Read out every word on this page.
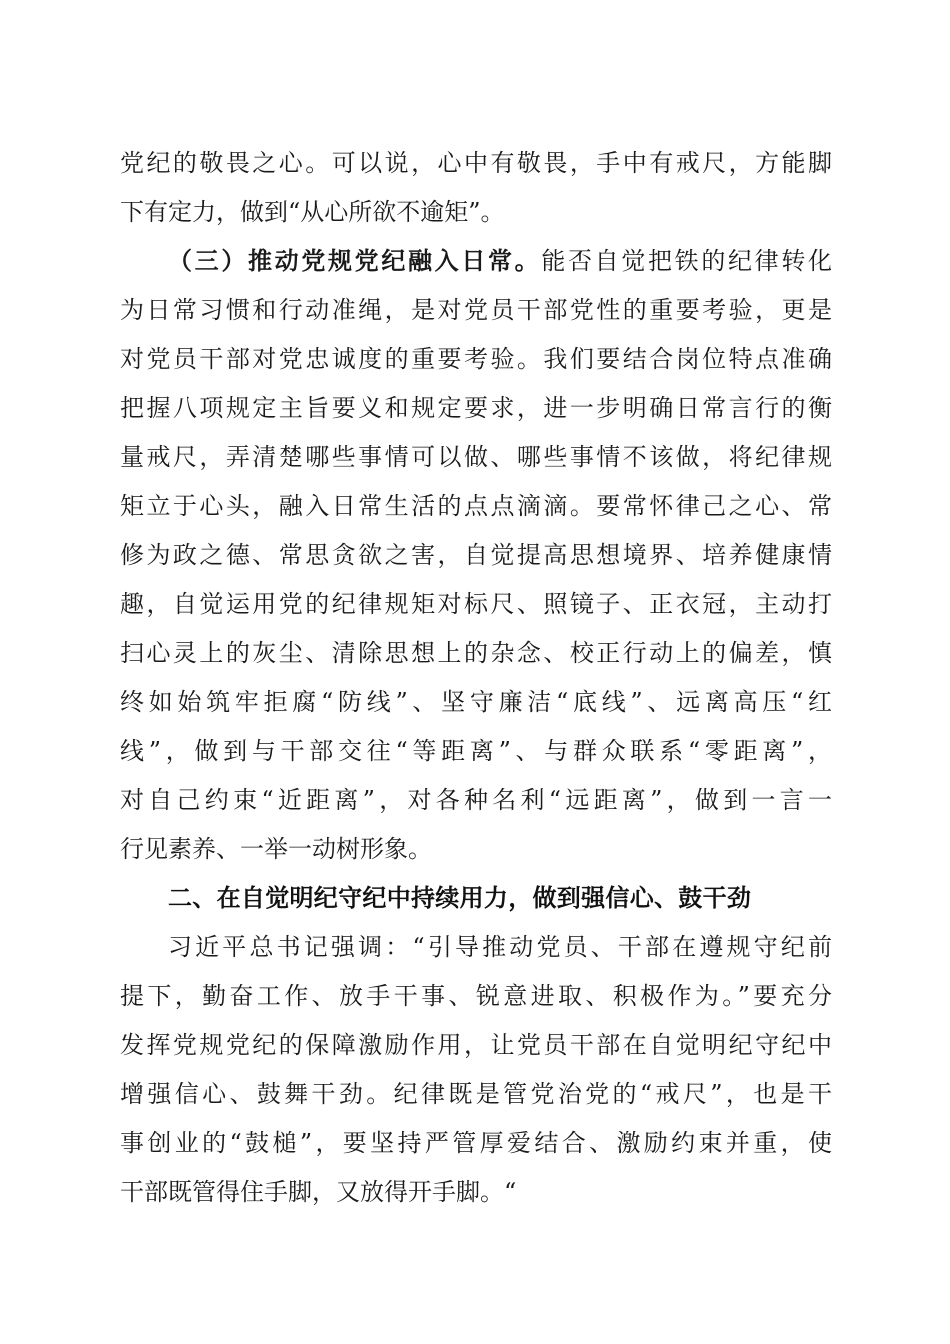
党纪的敬畏之心。可以说，心中有敬畏，手中有戒尺，方能脚
下有定力，做到“从心所欲不逾矩”。
（三）推动党规党纪融入日常。能否自觉把铁的纪律转化
为日常习惯和行动准绳，是对党员干部党性的重要考验，更是
对党员干部对党忠诚度的重要考验。我们要结合岗位特点准确
把握八项规定主旨要义和规定要求，进一步明确日常言行的衡
量戒尺，弄清楚哪些事情可以做、哪些事情不该做，将纪律规
矩立于心头，融入日常生活的点点滴滴。要常怀律己之心、常
修为政之德、常思贪欲之害，自觉提高思想境界、培养健康情
趣，自觉运用党的纪律规矩对标尺、照镜子、正衣冠，主动打
扫心灵上的灰尘、清除思想上的杂念、校正行动上的偏差，慎
终如始筑牢拒腐“防线”、坚守廉洁“底线”、远离高压“红
线”，做到与干部交往“等距离”、与群众联系“零距离”，
对自己约束“近距离”，对各种名利“远距离”，做到一言一
行见素养、一举一动树形象。
二、在自觉明纪守纪中持续用力，做到强信心、鼓干劲
习近平总书记强调：“引导推动党员、干部在遵规守纪前
提下，勤奋工作、放手干事、锐意进取、积极作为。”要充分
发挥党规党纪的保障激励作用，让党员干部在自觉明纪守纪中
增强信心、鼓舞干劲。纪律既是管党治党的“戒尺”，也是干
事创业的“鼓槌”，要坚持严管厚爱结合、激励约束并重，使
干部既管得住手脚，又放得开手脚。“
